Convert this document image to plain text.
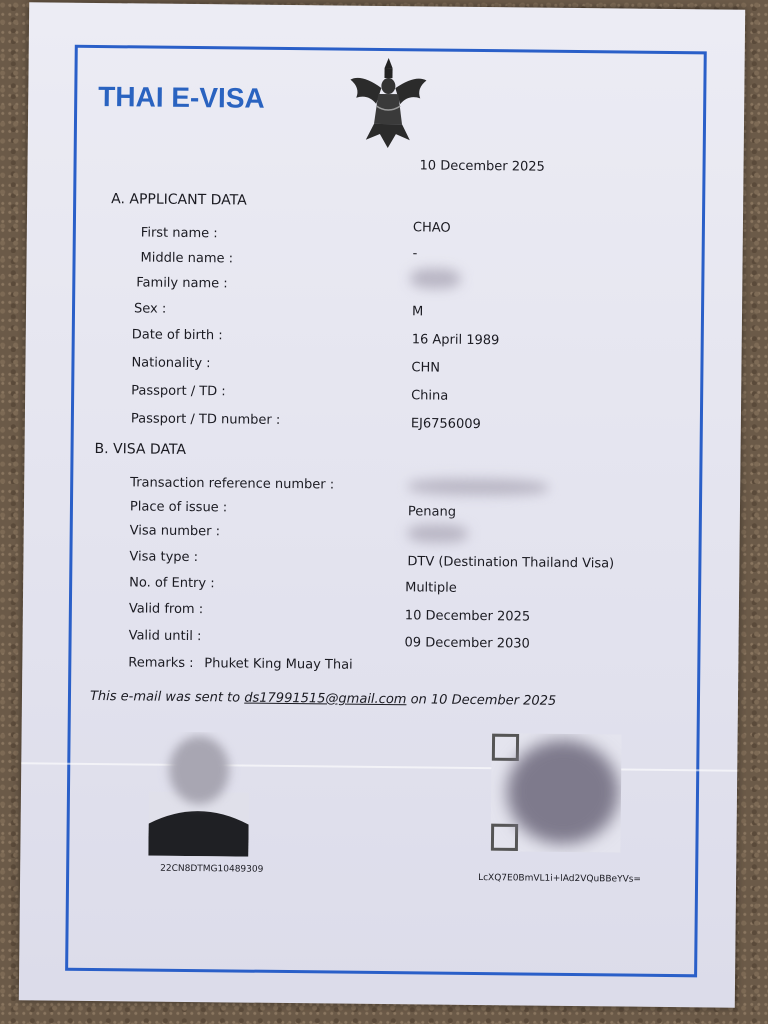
THAI E-VISA
10 December 2025
A. APPLICANT DATA
First name :	CHAO
Middle name :	-
Family name :
Sex :	M
Date of birth :	16 April 1989
Nationality :	CHN
Passport / TD :	China
Passport / TD number :	EJ6756009
B. VISA DATA
Transaction reference number :
Place of issue :	Penang
Visa number :
Visa type :	DTV (Destination Thailand Visa)
No. of Entry :	Multiple
Valid from :	10 December 2025
Valid until :	09 December 2030
Remarks : Phuket King Muay Thai
This e-mail was sent to ds17991515@gmail.com on 10 December 2025
22CN8DTMG10489309
LcXQ7E0BmVL1i+lAd2VQuBBeYVs=
